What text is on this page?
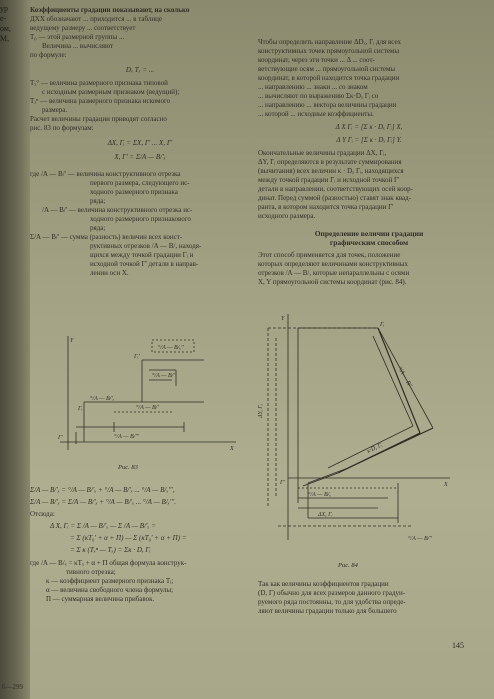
ур
е-
ом,
М,
Коэффициенты градации показывают, на сколько
ДХХ обозначают ... приходится ... в таблице
ведущему размеру ... соответствует
Т₀ — этой размерной группы ...
Величина ... вычисляют
по формуле:
Dₓ Tₓ = ...
Tₓ° — величина размерного признака типовой
с исходным размерным признаком (ведущий);
Tₓⁿ — величина размерного признака искомого
размера.
Расчет величины градации приводят согласно
рис. 83 по формулам:
ΔX, Γᵢ = ΣX, Γ' ... X, Γ'
X, Γ' = Σ/A — B/'ₓ
где /A — B/' — величина конструктивного отрезка
первого размера, следующего ис-
ходного размерного признака
ряда;
/A — B/' — величина конструктивного отрезка ис-
ходного размерного признакового
ряда;
Σ/A — B/' — сумма (разность) величин всех конст-
руктивных отрезков /A — B/, находя-
щихся между точкой градации Γᵢ и
исходной точкой Γ' детали в направ-
лении оси X.
°/A — B/ₓ''
Γᵢ'
°/A — B/'
°/A — B/'ₓ
Γᵢ	°/A — B/'
°/A — B/'''
Γ'
X
Y
Рис. 83
Σ/A — B/'ₓ = °/A — B/'ₓ + °/A — B/'ₓ ... °/A — B/ₓ''',
Σ/A — B/'ₓ = Σ/A — B/'ₓ + °/A — B/'ₓ ... °/A — B/ₓ'''.
Отсюда:
Δ X, Γᵢ = Σ /A — B/'ₓ — Σ /A — B/'ₓ =
= Σ (κT₀' + α + Π) — Σ (κT₀' + α + Π) =
= Σ κ (Tₓⁿ — Tₓ) = Σκ · D, Γᵢ
где /A — B/ₓ = κTₓ + α + Π общая формула конструк-
тивного отрезка;
κ — коэффициент размерного признака Tᵢ;
α — величина свободного члена формулы;
Π — суммарная величина прибавок.
Чтобы определить направление ΔDₓ, Γᵢ для всех
конструктивных точек прямоугольной системы
координат, через эти точки ... Δ ... соот-
ветствующие осям ... прямоугольной системы
координат, в которой находится точка градации
... направлению ... знаки ... со знаком
... вычисляют по выражению Σκ·Dₓ Γᵢ со
... направлению ... вектора величины градации
... которой ... исходные коэффициенты.
Δ X Γᵢ = [Σ κ · Dₓ Γᵢ] X,
Δ Y Γᵢ = [Σ κ · Dₓ Γᵢ] Y.
Окончательные величины градации ΔX, Γᵢ,
ΔY, Γᵢ определяются в результате суммирования
(вычитания) всех величин κ · Dₓ Γᵢ, находящихся
между точкой градации Γᵢ и исходной точкой Γ'
детали в направлении, соответствующих осей коор-
динат. Перед суммой (разностью) ставят знак квад-
ранта, в котором находится точка градации Γ'
исходного размера.
Определение величин градации
графическим способом
Этот способ применяется для точек, положение
которых определяют величинами конструктивных
отрезков /A — B/, которые непараллельны с осями
X, Y прямоугольной системы координат (рис. 84).
Y
X
Γᵢ
Γ'
°/A — B/'
°/A — B/ₓ
ΔY, Γᵢ
ΔX, Γᵢ
κ·D, Γᵢ
°/A — B/''
Рис. 84
Так как величины коэффициентов градации
(D, Γ) обычно для всех размеров данного градуи-
руемого ряда постоянны, то для удобства опреде-
ляют величины градации только для большего
145
6—299
